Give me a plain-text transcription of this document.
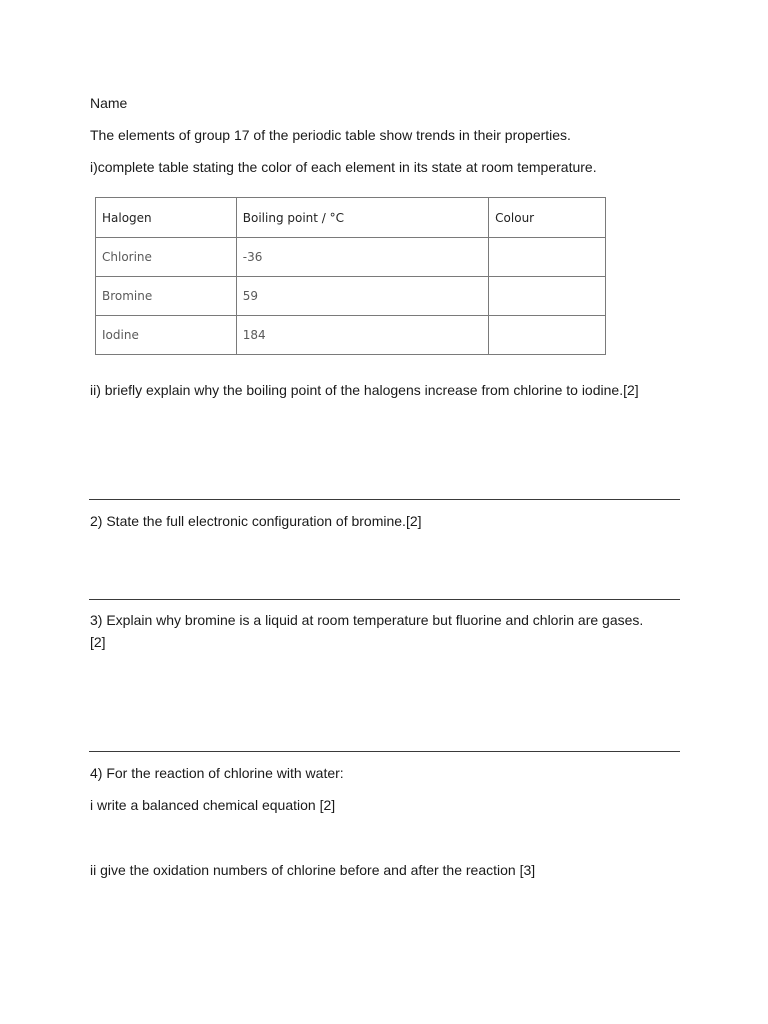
Name

The elements of group 17 of the periodic table show trends in their properties.

i)complete table stating the color of each element in its state at room temperature.

Halogen	Boiling point / °C	Colour
Chlorine	-36	
Bromine	59	
Iodine	184	

ii) briefly explain why the boiling point of the halogens increase from chlorine to iodine.[2]

2) State the full electronic configuration of bromine.[2]

3) Explain why bromine is a liquid at room temperature but fluorine and chlorin are gases.[2]

4) For the reaction of chlorine with water:

i write a balanced chemical equation [2]

ii give the oxidation numbers of chlorine before and after the reaction [3]
